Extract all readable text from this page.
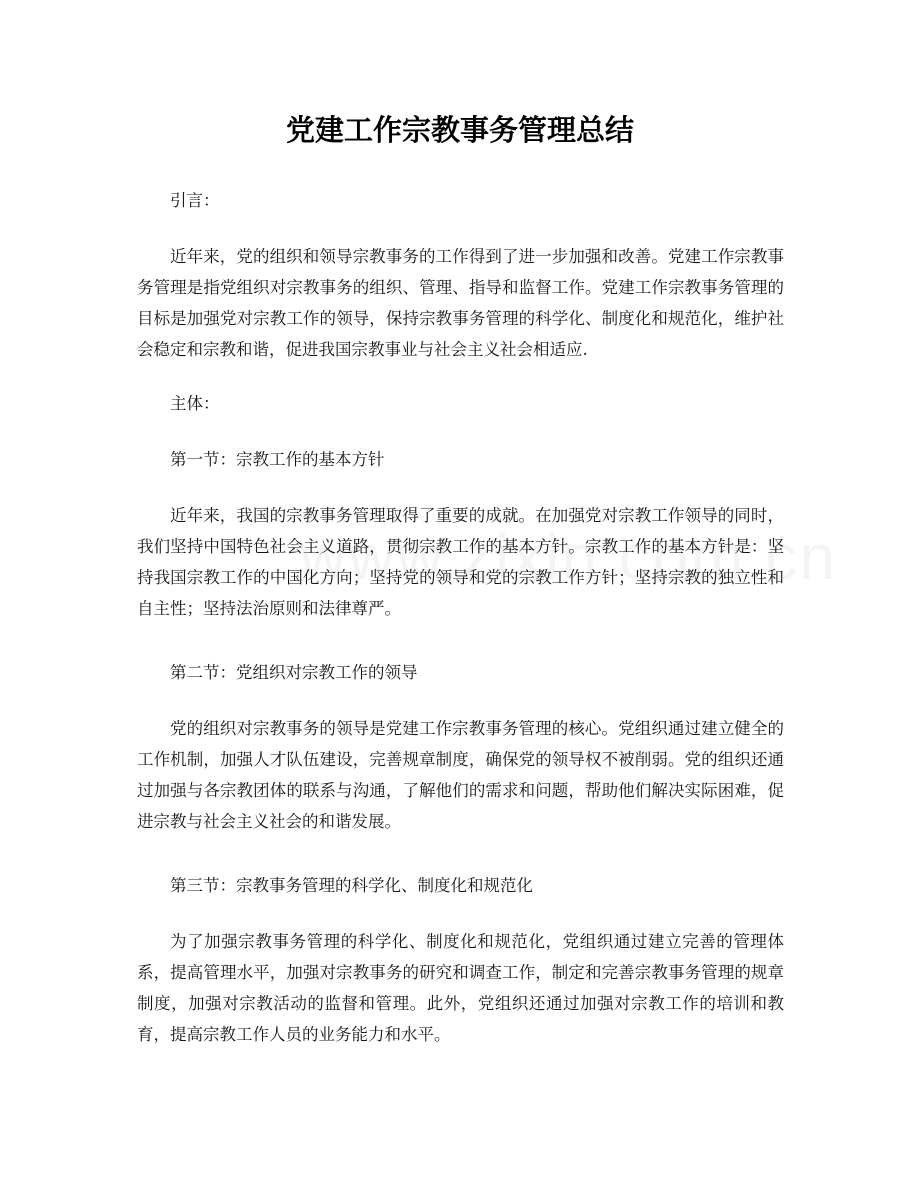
党建工作宗教事务管理总结

引言：

近年来，党的组织和领导宗教事务的工作得到了进一步加强和改善。党建工作宗教事务管理是指党组织对宗教事务的组织、管理、指导和监督工作。党建工作宗教事务管理的目标是加强党对宗教工作的领导，保持宗教事务管理的科学化、制度化和规范化，维护社会稳定和宗教和谐，促进我国宗教事业与社会主义社会相适应.

主体：

第一节：宗教工作的基本方针

近年来，我国的宗教事务管理取得了重要的成就。在加强党对宗教工作领导的同时，我们坚持中国特色社会主义道路，贯彻宗教工作的基本方针。宗教工作的基本方针是：坚持我国宗教工作的中国化方向；坚持党的领导和党的宗教工作方针；坚持宗教的独立性和自主性；坚持法治原则和法律尊严。

第二节：党组织对宗教工作的领导

党的组织对宗教事务的领导是党建工作宗教事务管理的核心。党组织通过建立健全的工作机制，加强人才队伍建设，完善规章制度，确保党的领导权不被削弱。党的组织还通过加强与各宗教团体的联系与沟通，了解他们的需求和问题，帮助他们解决实际困难，促进宗教与社会主义社会的和谐发展。

第三节：宗教事务管理的科学化、制度化和规范化

为了加强宗教事务管理的科学化、制度化和规范化，党组织通过建立完善的管理体系，提高管理水平，加强对宗教事务的研究和调查工作，制定和完善宗教事务管理的规章制度，加强对宗教活动的监督和管理。此外，党组织还通过加强对宗教工作的培训和教育，提高宗教工作人员的业务能力和水平。
